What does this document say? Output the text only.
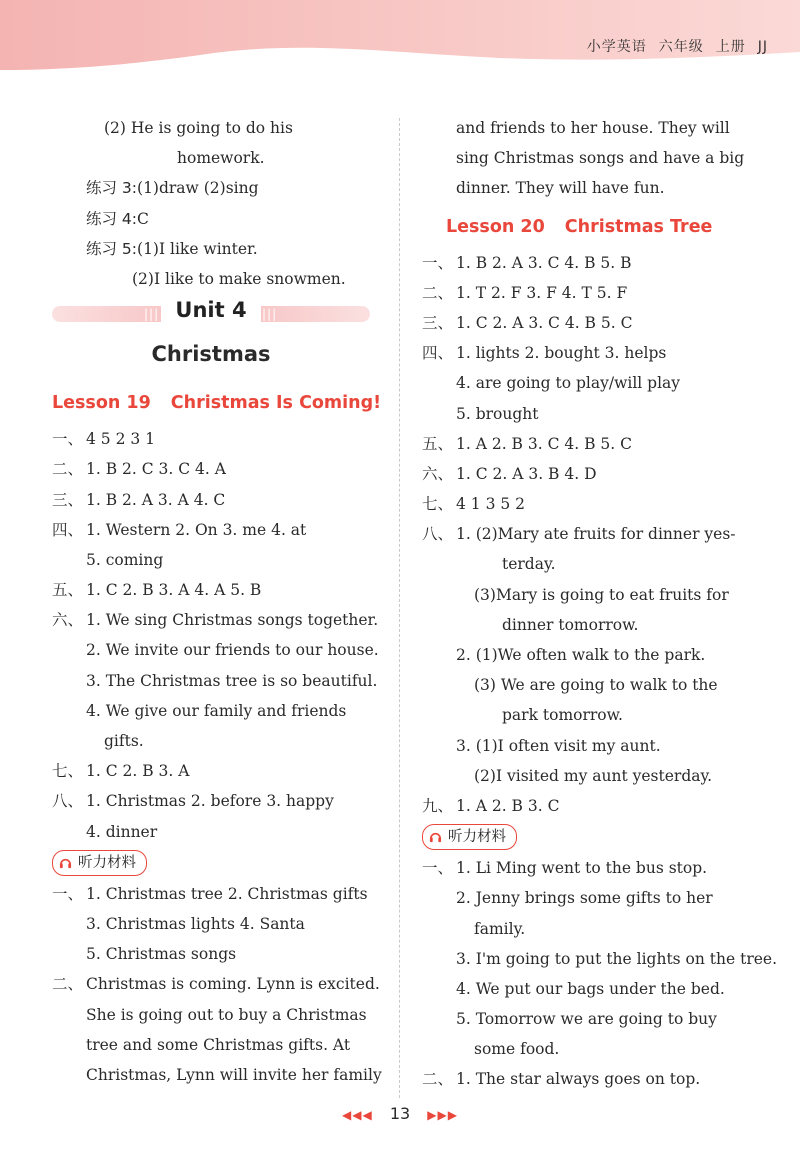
小学英语 六年级 上册 JJ
(2) He is going to do his
homework.
练习 3:(1)draw (2)sing
练习 4:C
练习 5:(1)I like winter.
(2)I like to make snowmen.
|||	|||
Unit 4
Christmas
Lesson 19 Christmas Is Coming!
一、 4 5 2 3 1
二、 1. B 2. C 3. C 4. A
三、 1. B 2. A 3. A 4. C
四、 1. Western 2. On 3. me 4. at
5. coming
五、 1. C 2. B 3. A 4. A 5. B
六、 1. We sing Christmas songs together.
2. We invite our friends to our house.
3. The Christmas tree is so beautiful.
4. We give our family and friends
gifts.
七、 1. C 2. B 3. A
八、 1. Christmas 2. before 3. happy
4. dinner
听力材料
一、 1. Christmas tree 2. Christmas gifts
3. Christmas lights 4. Santa
5. Christmas songs
二、 Christmas is coming. Lynn is excited.
She is going out to buy a Christmas
tree and some Christmas gifts. At
Christmas, Lynn will invite her family
and friends to her house. They will
sing Christmas songs and have a big
dinner. They will have fun.
Lesson 20 Christmas Tree
一、 1. B 2. A 3. C 4. B 5. B
二、 1. T 2. F 3. F 4. T 5. F
三、 1. C 2. A 3. C 4. B 5. C
四、 1. lights 2. bought 3. helps
4. are going to play/will play
5. brought
五、 1. A 2. B 3. C 4. B 5. C
六、 1. C 2. A 3. B 4. D
七、 4 1 3 5 2
八、 1. (2)Mary ate fruits for dinner yes-
terday.
(3)Mary is going to eat fruits for
dinner tomorrow.
2. (1)We often walk to the park.
(3) We are going to walk to the
park tomorrow.
3. (1)I often visit my aunt.
(2)I visited my aunt yesterday.
九、 1. A 2. B 3. C
听力材料
一、 1. Li Ming went to the bus stop.
2. Jenny brings some gifts to her
family.
3. I'm going to put the lights on the tree.
4. We put our bags under the bed.
5. Tomorrow we are going to buy
some food.
二、 1. The star always goes on top.
◀◀◀ 13 ▶▶▶
